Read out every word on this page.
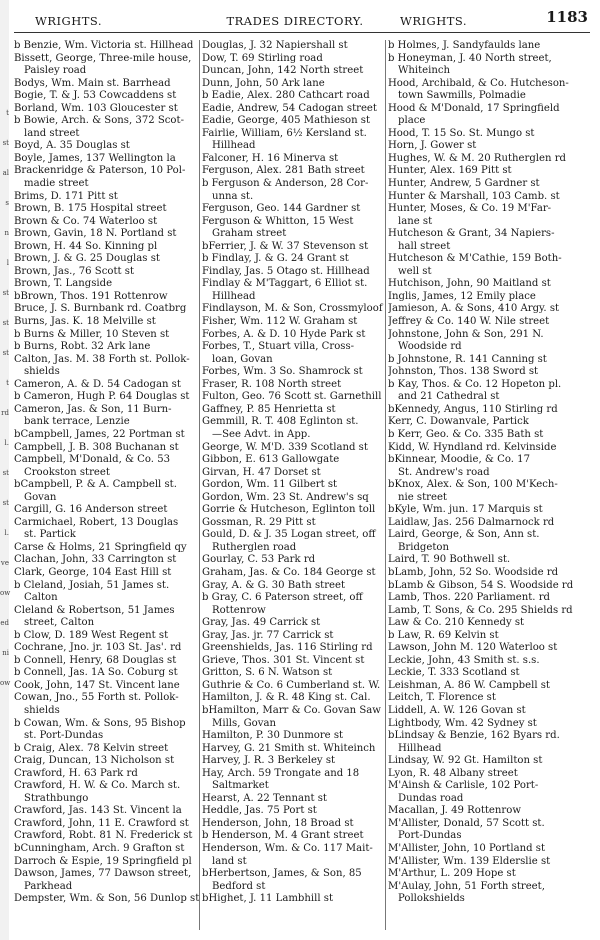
t
st
al
s
n
l
st
st
st
t
rd
l.
st
st
l.
ve
ow
ed
ni
ow
WRIGHTS.	TRADES DIRECTORY.	WRIGHTS.	1183
b Benzie, Wm. Victoria st. Hillhead
Bissett, George, Three-mile house,
Paisley road
Bodys, Wm. Main st. Barrhead
Bogie, T. & J. 53 Cowcaddens st
Borland, Wm. 103 Gloucester st
b Bowie, Arch. & Sons, 372 Scot-
land street
Boyd, A. 35 Douglas st
Boyle, James, 137 Wellington la
Brackenridge & Paterson, 10 Pol-
madie street
Brims, D. 171 Pitt st
Brown, B. 175 Hospital street
Brown & Co. 74 Waterloo st
Brown, Gavin, 18 N. Portland st
Brown, H. 44 So. Kinning pl
Brown, J. & G. 25 Douglas st
Brown, Jas., 76 Scott st
Brown, T. Langside
bBrown, Thos. 191 Rottenrow
Bruce, J. S. Burnbank rd. Coatbrg
Burns, Jas. K. 18 Melville st
b Burns & Miller, 10 Steven st
b Burns, Robt. 32 Ark lane
Calton, Jas. M. 38 Forth st. Pollok-
shields
Cameron, A. & D. 54 Cadogan st
b Cameron, Hugh P. 64 Douglas st
Cameron, Jas. & Son, 11 Burn-
bank terrace, Lenzie
bCampbell, James, 22 Portman st
Campbell, J. B. 308 Buchanan st
Campbell, M'Donald, & Co. 53
Crookston street
bCampbell, P. & A. Campbell st.
Govan
Cargill, G. 16 Anderson street
Carmichael, Robert, 13 Douglas
st. Partick
Carse & Holms, 21 Springfield qy
Clachan, John, 33 Carrington st
Clark, George, 104 East Hill st
b Cleland, Josiah, 51 James st.
Calton
Cleland & Robertson, 51 James
street, Calton
b Clow, D. 189 West Regent st
Cochrane, Jno. jr. 103 St. Jas'. rd
b Connell, Henry, 68 Douglas st
b Connell, Jas. 1A So. Coburg st
Cook, John, 147 St. Vincent lane
Cowan, Jno., 55 Forth st. Pollok-
shields
b Cowan, Wm. & Sons, 95 Bishop
st. Port-Dundas
b Craig, Alex. 78 Kelvin street
Craig, Duncan, 13 Nicholson st
Crawford, H. 63 Park rd
Crawford, H. W. & Co. March st.
Strathbungo
Crawford, Jas. 143 St. Vincent la
Crawford, John, 11 E. Crawford st
Crawford, Robt. 81 N. Frederick st
bCunningham, Arch. 9 Grafton st
Darroch & Espie, 19 Springfield pl
Dawson, James, 77 Dawson street,
Parkhead
Dempster, Wm. & Son, 56 Dunlop st
Douglas, J. 32 Napiershall st
Dow, T. 69 Stirling road
Duncan, John, 142 North street
Dunn, John, 50 Ark lane
b Eadie, Alex. 280 Cathcart road
Eadie, Andrew, 54 Cadogan street
Eadie, George, 405 Mathieson st
Fairlie, William, 6½ Kersland st.
Hillhead
Falconer, H. 16 Minerva st
Ferguson, Alex. 281 Bath street
b Ferguson & Anderson, 28 Cor-
unna st.
Ferguson, Geo. 144 Gardner st
Ferguson & Whitton, 15 West
Graham street
bFerrier, J. & W. 37 Stevenson st
b Findlay, J. & G. 24 Grant st
Findlay, Jas. 5 Otago st. Hillhead
Findlay & M'Taggart, 6 Elliot st.
Hillhead
Findlayson, M. & Son, Crossmyloof
Fisher, Wm. 112 W. Graham st
Forbes, A. & D. 10 Hyde Park st
Forbes, T., Stuart villa, Cross-
loan, Govan
Forbes, Wm. 3 So. Shamrock st
Fraser, R. 108 North street
Fulton, Geo. 76 Scott st. Garnethill
Gaffney, P. 85 Henrietta st
Gemmill, R. T. 408 Eglinton st.
—See Advt. in App.
George, W. M'D. 339 Scotland st
Gibbon, E. 613 Gallowgate
Girvan, H. 47 Dorset st
Gordon, Wm. 11 Gilbert st
Gordon, Wm. 23 St. Andrew's sq
Gorrie & Hutcheson, Eglinton toll
Gossman, R. 29 Pitt st
Gould, D. & J. 35 Logan street, off
Rutherglen road
Gourlay, C. 53 Park rd
Graham, Jas. & Co. 184 George st
Gray, A. & G. 30 Bath street
b Gray, C. 6 Paterson street, off
Rottenrow
Gray, Jas. 49 Carrick st
Gray, Jas. jr. 77 Carrick st
Greenshields, Jas. 116 Stirling rd
Grieve, Thos. 301 St. Vincent st
Gritton, S. 6 N. Watson st
Guthrie & Co. 6 Cumberland st. W.
Hamilton, J. & R. 48 King st. Cal.
bHamilton, Marr & Co. Govan Saw
Mills, Govan
Hamilton, P. 30 Dunmore st
Harvey, G. 21 Smith st. Whiteinch
Harvey, J. R. 3 Berkeley st
Hay, Arch. 59 Trongate and 18
Saltmarket
Hearst, A. 22 Tennant st
Heddle, Jas. 75 Port st
Henderson, John, 18 Broad st
b Henderson, M. 4 Grant street
Henderson, Wm. & Co. 117 Mait-
land st
bHerbertson, James, & Son, 85
Bedford st
bHighet, J. 11 Lambhill st
b Holmes, J. Sandyfaulds lane
b Honeyman, J. 40 North street,
Whiteinch
Hood, Archibald, & Co. Hutcheson-
town Sawmills, Polmadie
Hood & M'Donald, 17 Springfield
place
Hood, T. 15 So. St. Mungo st
Horn, J. Gower st
Hughes, W. & M. 20 Rutherglen rd
Hunter, Alex. 169 Pitt st
Hunter, Andrew, 5 Gardner st
Hunter & Marshall, 103 Camb. st
Hunter, Moses, & Co. 19 M'Far-
lane st
Hutcheson & Grant, 34 Napiers-
hall street
Hutcheson & M'Cathie, 159 Both-
well st
Hutchison, John, 90 Maitland st
Inglis, James, 12 Emily place
Jamieson, A. & Sons, 410 Argy. st
Jeffrey & Co. 140 W. Nile street
Johnstone, John & Son, 291 N.
Woodside rd
b Johnstone, R. 141 Canning st
Johnston, Thos. 138 Sword st
b Kay, Thos. & Co. 12 Hopeton pl.
and 21 Cathedral st
bKennedy, Angus, 110 Stirling rd
Kerr, C. Dowanvale, Partick
b Kerr, Geo. & Co. 335 Bath st
Kidd, W. Hyndland rd. Kelvinside
bKinnear, Moodie, & Co. 17
St. Andrew's road
bKnox, Alex. & Son, 100 M'Kech-
nie street
bKyle, Wm. jun. 17 Marquis st
Laidlaw, Jas. 256 Dalmarnock rd
Laird, George, & Son, Ann st.
Bridgeton
Laird, T. 90 Bothwell st.
bLamb, John, 52 So. Woodside rd
bLamb & Gibson, 54 S. Woodside rd
Lamb, Thos. 220 Parliament. rd
Lamb, T. Sons, & Co. 295 Shields rd
Law & Co. 210 Kennedy st
b Law, R. 69 Kelvin st
Lawson, John M. 120 Waterloo st
Leckie, John, 43 Smith st. s.s.
Leckie, T. 333 Scotland st
Leishman, A. 86 W. Campbell st
Leitch, T. Florence st
Liddell, A. W. 126 Govan st
Lightbody, Wm. 42 Sydney st
bLindsay & Benzie, 162 Byars rd.
Hillhead
Lindsay, W. 92 Gt. Hamilton st
Lyon, R. 48 Albany street
M'Ainsh & Carlisle, 102 Port-
Dundas road
Macallan, J. 49 Rottenrow
M'Allister, Donald, 57 Scott st.
Port-Dundas
M'Allister, John, 10 Portland st
M'Allister, Wm. 139 Elderslie st
M'Arthur, L. 209 Hope st
M'Aulay, John, 51 Forth street,
Pollokshields
